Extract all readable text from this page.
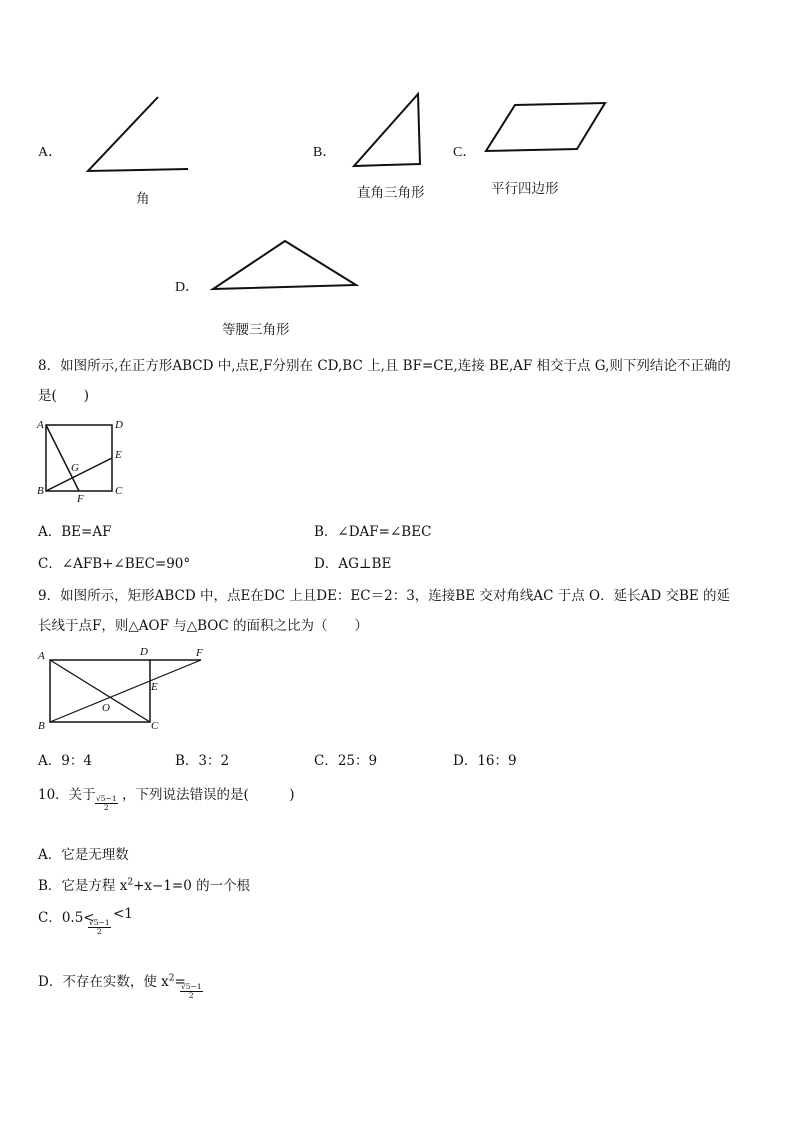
A．
角
B．
直角三角形
C．
平行四边形
D．
等腰三角形
8．如图所示,在正方形ABCD 中,点E,F分别在 CD,BC 上,且 BF=CE,连接 BE,AF 相交于点 G,则下列结论不正确的
是(　　)
A	D
E
G
B	C
F
A．BE=AF	B．∠DAF=∠BEC
C．∠AFB+∠BEC=90°	D．AG⊥BE
9．如图所示，矩形ABCD 中，点E在DC 上且DE：EC＝2：3，连接BE 交对角线AC 于点 O．延长AD 交BE 的延
长线于点F，则△AOF 与△BOC 的面积之比为（　　）
A	D	F
E
O
B	C
A．9：4	B．3：2	C．25：9	D．16：9
10．关于 $\frac{√5-1}{2}$ ，下列说法错误的是(　　　)
A．它是无理数
B．它是方程 $x^2+x-1=0$ 的一个根
C．0.5<
$\frac{√5-1}{2}$
<1
D．不存在实数，使 $x^2=$
$\frac{√5-1}{2}$
